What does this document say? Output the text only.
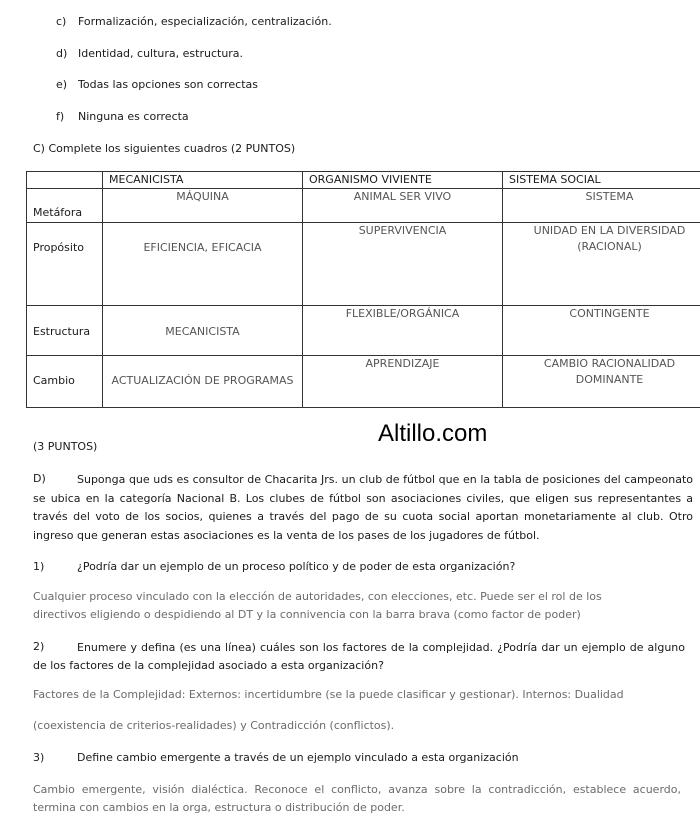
c) Formalización, especialización, centralización.
d) Identidad, cultura, estructura.
e) Todas las opciones son correctas
f) Ninguna es correcta
C) Complete los siguientes cuadros (2 PUNTOS)
	MECANICISTA	ORGANISMO VIVIENTE	SISTEMA SOCIAL

Metáfora	MÁQUINA	ANIMAL SER VIVO	SISTEMA

Propósito	EFICIENCIA, EFICACIA	SUPERVIVENCIA	UNIDAD EN LA DIVERSIDAD (RACIONAL)

Estructura	MECANICISTA	FLEXIBLE/ORGÁNICA	CONTINGENTE

Cambio	ACTUALIZACIÓN DE PROGRAMAS	APRENDIZAJE	CAMBIO RACIONALIDAD DOMINANTE
(3 PUNTOS)	Altillo.com
D)	Suponga que uds es consultor de Chacarita Jrs. un club de fútbol que en la tabla de posiciones del campeonato se ubica en la categoría Nacional B. Los clubes de fútbol son asociaciones civiles, que eligen sus representantes a través del voto de los socios, quienes a través del pago de su cuota social aportan monetariamente al club. Otro ingreso que generan estas asociaciones es la venta de los pases de los jugadores de fútbol.
1)	¿Podría dar un ejemplo de un proceso político y de poder de esta organización?
Cualquier proceso vinculado con la elección de autoridades, con elecciones, etc. Puede ser el rol de los directivos eligiendo o despidiendo al DT y la connivencia con la barra brava (como factor de poder)
2)	Enumere y defina (es una línea) cuáles son los factores de la complejidad. ¿Podría dar un ejemplo de alguno de los factores de la complejidad asociado a esta organización?
Factores de la Complejidad: Externos: incertidumbre (se la puede clasificar y gestionar). Internos: Dualidad
(coexistencia de criterios-realidades) y Contradicción (conflictos).
3)	Define cambio emergente a través de un ejemplo vinculado a esta organización
Cambio emergente, visión dialéctica. Reconoce el conflicto, avanza sobre la contradicción, establece acuerdo, termina con cambios en la orga, estructura o distribución de poder.
